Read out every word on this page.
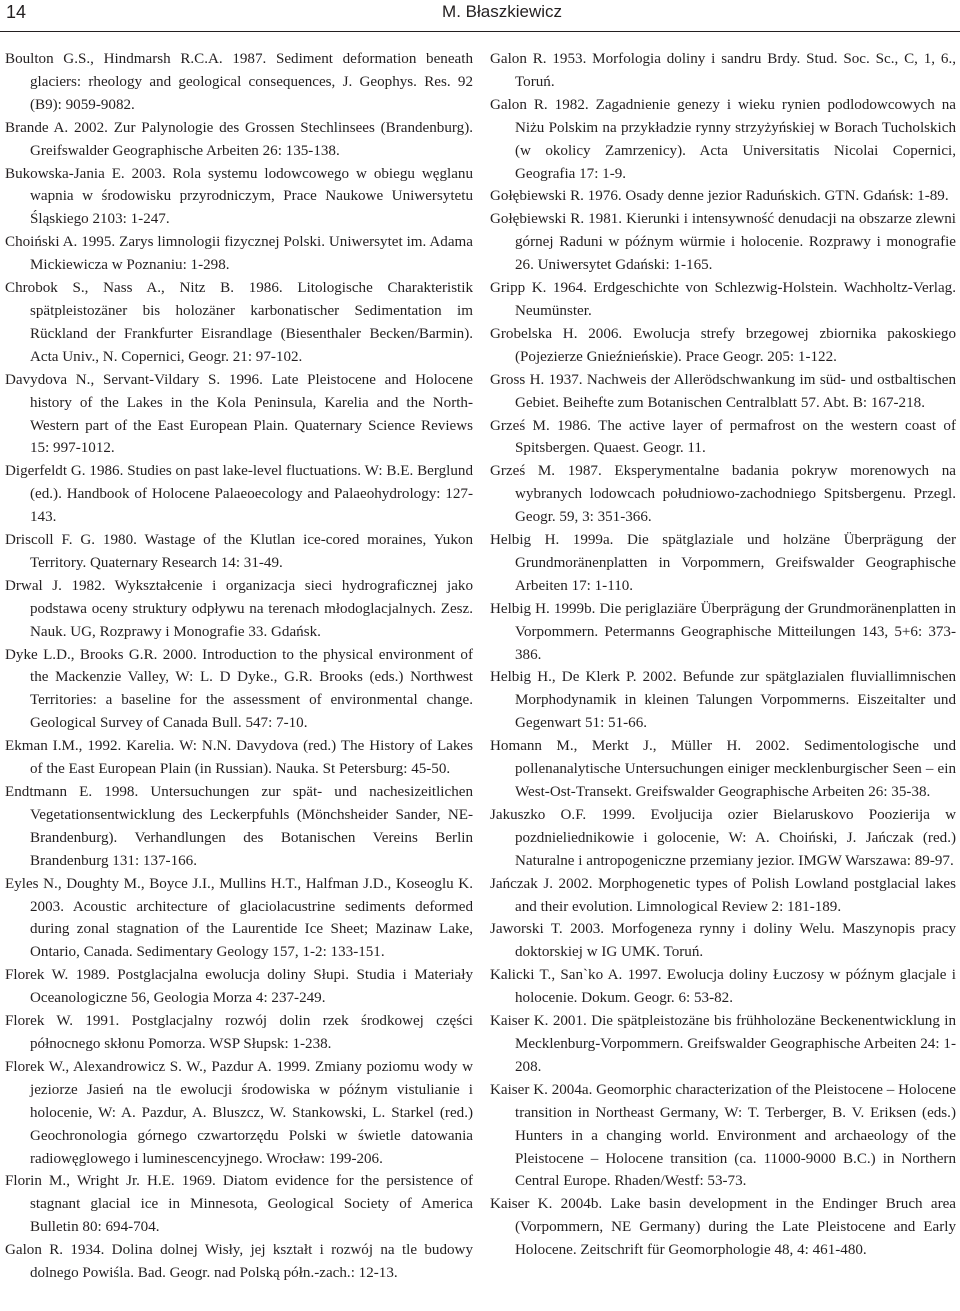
14	M. Błaszkiewicz

Boulton G.S., Hindmarsh R.C.A. 1987. Sediment deformation beneath glaciers: rheology and geological consequences, J. Geophys. Res. 92 (B9): 9059-9082.

Brande A. 2002. Zur Palynologie des Grossen Stechlinsees (Brandenburg). Greifswalder Geographische Arbeiten 26: 135-138.

Bukowska-Jania E. 2003. Rola systemu lodowcowego w obiegu węglanu wapnia w środowisku przyrodniczym, Prace Naukowe Uniwersytetu Śląskiego 2103: 1-247.

Choiński A. 1995. Zarys limnologii fizycznej Polski. Uniwersytet im. Adama Mickiewicza w Poznaniu: 1-298.

Chrobok S., Nass A., Nitz B. 1986. Litologische Charakteristik spätpleistozäner bis holozäner karbonatischer Sedimentation im Rückland der Frankfurter Eisrandlage (Biesenthaler Becken/Barmin). Acta Univ., N. Copernici, Geogr. 21: 97-102.

Davydova N., Servant-Vildary S. 1996. Late Pleistocene and Holocene history of the Lakes in the Kola Peninsula, Karelia and the North-Western part of the East European Plain. Quaternary Science Reviews 15: 997-1012.

Digerfeldt G. 1986. Studies on past lake-level fluctuations. W: B.E. Berglund (ed.). Handbook of Holocene Palaeoecology and Palaeohydrology: 127-143.

Driscoll F. G. 1980. Wastage of the Klutlan ice-cored moraines, Yukon Territory. Quaternary Research 14: 31-49.

Drwal J. 1982. Wykształcenie i organizacja sieci hydrograficznej jako podstawa oceny struktury odpływu na terenach młodoglacjalnych. Zesz. Nauk. UG, Rozprawy i Monografie 33. Gdańsk.

Dyke L.D., Brooks G.R. 2000. Introduction to the physical environment of the Mackenzie Valley, W: L. D Dyke., G.R. Brooks (eds.) Northwest Territories: a baseline for the assessment of environmental change. Geological Survey of Canada Bull. 547: 7-10.

Ekman I.M., 1992. Karelia. W: N.N. Davydova (red.) The History of Lakes of the East European Plain (in Russian). Nauka. St Petersburg: 45-50.

Endtmann E. 1998. Untersuchungen zur spät- und nachesizeitlichen Vegetationsentwicklung des Leckerpfuhls (Mönchsheider Sander, NE-Brandenburg). Verhandlungen des Botanischen Vereins Berlin Brandenburg 131: 137-166.

Eyles N., Doughty M., Boyce J.I., Mullins H.T., Halfman J.D., Koseoglu K. 2003. Acoustic architecture of glaciolacustrine sediments deformed during zonal stagnation of the Laurentide Ice Sheet; Mazinaw Lake, Ontario, Canada. Sedimentary Geology 157, 1-2: 133-151.

Florek W. 1989. Postglacjalna ewolucja doliny Słupi. Studia i Materiały Oceanologiczne 56, Geologia Morza 4: 237-249.

Florek W. 1991. Postglacjalny rozwój dolin rzek środkowej części północnego skłonu Pomorza. WSP Słupsk: 1-238.

Florek W., Alexandrowicz S. W., Pazdur A. 1999. Zmiany poziomu wody w jeziorze Jasień na tle ewolucji środowiska w późnym vistulianie i holocenie, W: A. Pazdur, A. Bluszcz, W. Stankowski, L. Starkel (red.) Geochronologia górnego czwartorzędu Polski w świetle datowania radiowęglowego i luminescencyjnego. Wrocław: 199-206.

Florin M., Wright Jr. H.E. 1969. Diatom evidence for the persistence of stagnant glacial ice in Minnesota, Geological Society of America Bulletin 80: 694-704.

Galon R. 1934. Dolina dolnej Wisły, jej kształt i rozwój na tle budowy dolnego Powiśla. Bad. Geogr. nad Polską półn.-zach.: 12-13.

Galon R. 1953. Morfologia doliny i sandru Brdy. Stud. Soc. Sc., C, 1, 6., Toruń.

Galon R. 1982. Zagadnienie genezy i wieku rynien podlodowcowych na Niżu Polskim na przykładzie rynny strzyżyńskiej w Borach Tucholskich (w okolicy Zamrzenicy). Acta Universitatis Nicolai Copernici, Geografia 17: 1-9.

Gołębiewski R. 1976. Osady denne jezior Raduńskich. GTN. Gdańsk: 1-89.

Gołębiewski R. 1981. Kierunki i intensywność denudacji na obszarze zlewni górnej Raduni w późnym würmie i holocenie. Rozprawy i monografie 26. Uniwersytet Gdański: 1-165.

Gripp K. 1964. Erdgeschichte von Schlezwig-Holstein. Wachholtz-Verlag. Neumünster.

Grobelska H. 2006. Ewolucja strefy brzegowej zbiornika pakoskiego (Pojezierze Gnieźnieńskie). Prace Geogr. 205: 1-122.

Gross H. 1937. Nachweis der Allerödschwankung im süd- und ostbaltischen Gebiet. Beihefte zum Botanischen Centralblatt 57. Abt. B: 167-218.

Grześ M. 1986. The active layer of permafrost on the western coast of Spitsbergen. Quaest. Geogr. 11.

Grześ M. 1987. Eksperymentalne badania pokryw morenowych na wybranych lodowcach południowo-zachodniego Spitsbergenu. Przegl. Geogr. 59, 3: 351-366.

Helbig H. 1999a. Die spätglaziale und holzäne Überprägung der Grundmoränenplatten in Vorpommern, Greifswalder Geographische Arbeiten 17: 1-110.

Helbig H. 1999b. Die periglaziäre Überprägung der Grundmoränenplatten in Vorpommern. Petermanns Geographische Mitteilungen 143, 5+6: 373-386.

Helbig H., De Klerk P. 2002. Befunde zur spätglazialen fluviallimnischen Morphodynamik in kleinen Talungen Vorpommerns. Eiszeitalter und Gegenwart 51: 51-66.

Homann M., Merkt J., Müller H. 2002. Sedimentologische und pollenanalytische Untersuchungen einiger mecklenburgischer Seen – ein West-Ost-Transekt. Greifswalder Geographische Arbeiten 26: 35-38.

Jakuszko O.F. 1999. Evoljucija ozier Bielaruskovo Poozierija w pozdnieliednikowie i golocenie, W: A. Choiński, J. Jańczak (red.) Naturalne i antropogeniczne przemiany jezior. IMGW Warszawa: 89-97.

Jańczak J. 2002. Morphogenetic types of Polish Lowland postglacial lakes and their evolution. Limnological Review 2: 181-189.

Jaworski T. 2003. Morfogeneza rynny i doliny Welu. Maszynopis pracy doktorskiej w IG UMK. Toruń.

Kalicki T., San`ko A. 1997. Ewolucja doliny Łuczosy w późnym glacjale i holocenie. Dokum. Geogr. 6: 53-82.

Kaiser K. 2001. Die spätpleistozäne bis frühholozäne Beckenentwicklung in Mecklenburg-Vorpommern. Greifswalder Geographische Arbeiten 24: 1-208.

Kaiser K. 2004a. Geomorphic characterization of the Pleistocene – Holocene transition in Northeast Germany, W: T. Terberger, B. V. Eriksen (eds.) Hunters in a changing world. Environment and archaeology of the Pleistocene – Holocene transition (ca. 11000-9000 B.C.) in Northern Central Europe. Rhaden/Westf: 53-73.

Kaiser K. 2004b. Lake basin development in the Endinger Bruch area (Vorpommern, NE Germany) during the Late Pleistocene and Early Holocene. Zeitschrift für Geomorphologie 48, 4: 461-480.
